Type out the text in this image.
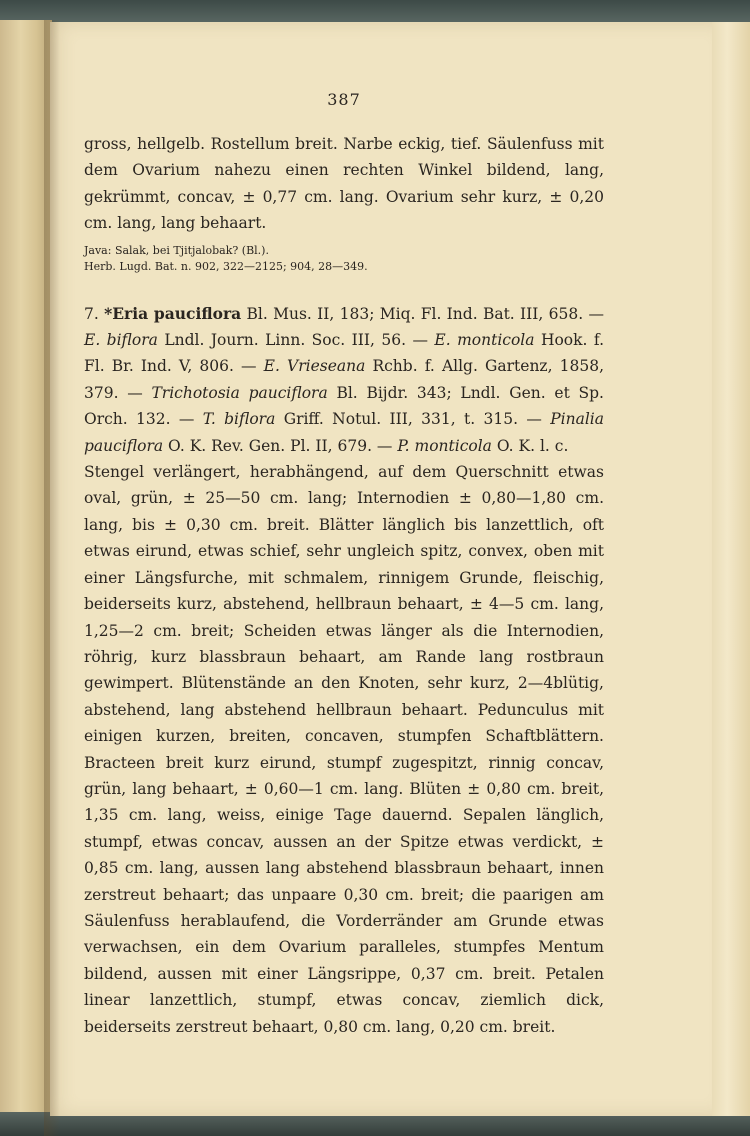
387

gross, hellgelb. Rostellum breit. Narbe eckig, tief. Säulenfuss mit dem Ovarium nahezu einen rechten Winkel bildend, lang, gekrümmt, concav, ± 0,77 cm. lang. Ovarium sehr kurz, ± 0,20 cm. lang, lang behaart.

Java: Salak, bei Tjitjalobak? (Bl.).

Herb. Lugd. Bat. n. 902, 322—2125; 904, 28—349.

7. *Eria pauciflora Bl. Mus. II, 183; Miq. Fl. Ind. Bat. III, 658. — E. biflora Lndl. Journ. Linn. Soc. III, 56. — E. monticola Hook. f. Fl. Br. Ind. V, 806. — E. Vrieseana Rchb. f. Allg. Gartenz, 1858, 379. — Trichotosia pauciflora Bl. Bijdr. 343; Lndl. Gen. et Sp. Orch. 132. — T. biflora Griff. Notul. III, 331, t. 315. — Pinalia pauciflora O. K. Rev. Gen. Pl. II, 679. — P. monticola O. K. l. c.

Stengel verlängert, herabhängend, auf dem Querschnitt etwas oval, grün, ± 25—50 cm. lang; Internodien ± 0,80—1,80 cm. lang, bis ± 0,30 cm. breit. Blätter länglich bis lanzettlich, oft etwas eirund, etwas schief, sehr ungleich spitz, convex, oben mit einer Längsfurche, mit schmalem, rinnigem Grunde, fleischig, beiderseits kurz, abstehend, hellbraun behaart, ± 4—5 cm. lang, 1,25—2 cm. breit; Scheiden etwas länger als die Internodien, röhrig, kurz blassbraun behaart, am Rande lang rostbraun gewimpert. Blütenstände an den Knoten, sehr kurz, 2—4blütig, abstehend, lang abstehend hellbraun behaart. Pedunculus mit einigen kurzen, breiten, concaven, stumpfen Schaftblättern. Bracteen breit kurz eirund, stumpf zugespitzt, rinnig concav, grün, lang behaart, ± 0,60—1 cm. lang. Blüten ± 0,80 cm. breit, 1,35 cm. lang, weiss, einige Tage dauernd. Sepalen länglich, stumpf, etwas concav, aussen an der Spitze etwas verdickt, ± 0,85 cm. lang, aussen lang abstehend blassbraun behaart, innen zerstreut behaart; das unpaare 0,30 cm. breit; die paarigen am Säulenfuss herablaufend, die Vorderränder am Grunde etwas verwachsen, ein dem Ovarium paralleles, stumpfes Mentum bildend, aussen mit einer Längsrippe, 0,37 cm. breit. Petalen linear lanzettlich, stumpf, etwas concav, ziemlich dick, beiderseits zerstreut behaart, 0,80 cm. lang, 0,20 cm. breit.
